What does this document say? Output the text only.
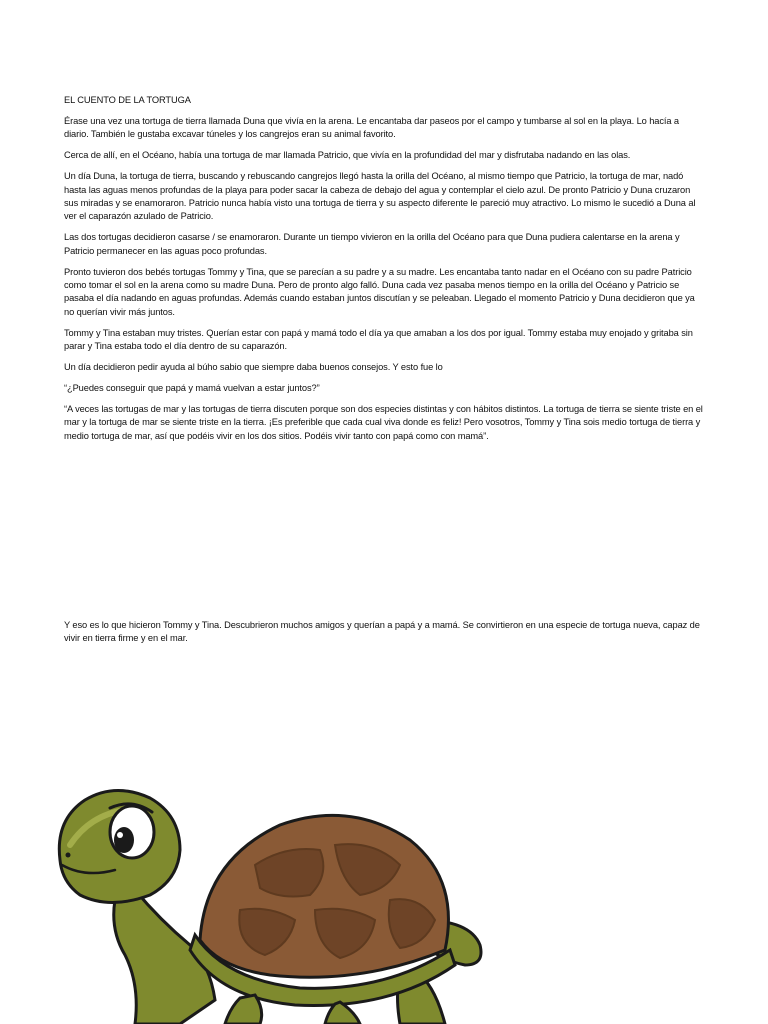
EL CUENTO DE LA TORTUGA

Érase una vez una tortuga de tierra llamada Duna que vivía en la arena. Le encantaba dar paseos por el campo y tumbarse al sol en la playa. Lo hacía a diario. También le gustaba excavar túneles y los cangrejos eran su animal favorito.

Cerca de allí, en el Océano, había una tortuga de mar llamada Patricio, que vivía en la profundidad del mar y disfrutaba nadando en las olas.

Un día Duna, la tortuga de tierra, buscando y rebuscando cangrejos llegó hasta la orilla del Océano, al mismo tiempo que Patricio, la tortuga de mar, nadó hasta las aguas menos profundas de la playa para poder sacar la cabeza de debajo del agua y contemplar el cielo azul. De pronto Patricio y Duna cruzaron sus miradas y se enamoraron. Patricio nunca había visto una tortuga de tierra y su aspecto diferente le pareció muy atractivo. Lo mismo le sucedió a Duna al ver el caparazón azulado de Patricio.

Las dos tortugas decidieron casarse / se enamoraron. Durante un tiempo vivieron en la orilla del Océano para que Duna pudiera calentarse en la arena y Patricio permanecer en las aguas poco profundas.

Pronto tuvieron dos bebés tortugas Tommy y Tina, que se parecían a su padre y a su madre. Les encantaba tanto nadar en el Océano con su padre Patricio como tomar el sol en la arena como su madre Duna. Pero de pronto algo falló. Duna cada vez pasaba menos tiempo en la orilla del Océano y Patricio se pasaba el día nadando en aguas profundas. Además cuando estaban juntos discutían y se peleaban. Llegado el momento Patricio y Duna decidieron que ya no querían vivir más juntos.

Tommy y Tina estaban muy tristes. Querían estar con papá y mamá todo el día ya que amaban a los dos por igual. Tommy estaba muy enojado y gritaba sin parar y Tina estaba todo el día dentro de su caparazón.

Un día decidieron pedir ayuda al búho sabio que siempre daba buenos consejos. Y esto fue lo

“¿Puedes conseguir que papá y mamá vuelvan a estar juntos?”

“A veces las tortugas de mar y las tortugas de tierra discuten porque son dos especies distintas y con hábitos distintos. La tortuga de tierra se siente triste en el mar y la tortuga de mar se siente triste en la tierra. ¡Es preferible que cada cual viva donde es feliz! Pero vosotros, Tommy y Tina sois medio tortuga de tierra y medio tortuga de mar, así que podéis vivir en los dos sitios. Podéis vivir tanto con papá como con mamá”.

Y eso es lo que hicieron Tommy y Tina. Descubrieron muchos amigos y querían a papá y a mamá. Se convirtieron en una especie de tortuga nueva, capaz de vivir en tierra firme y en el mar.
